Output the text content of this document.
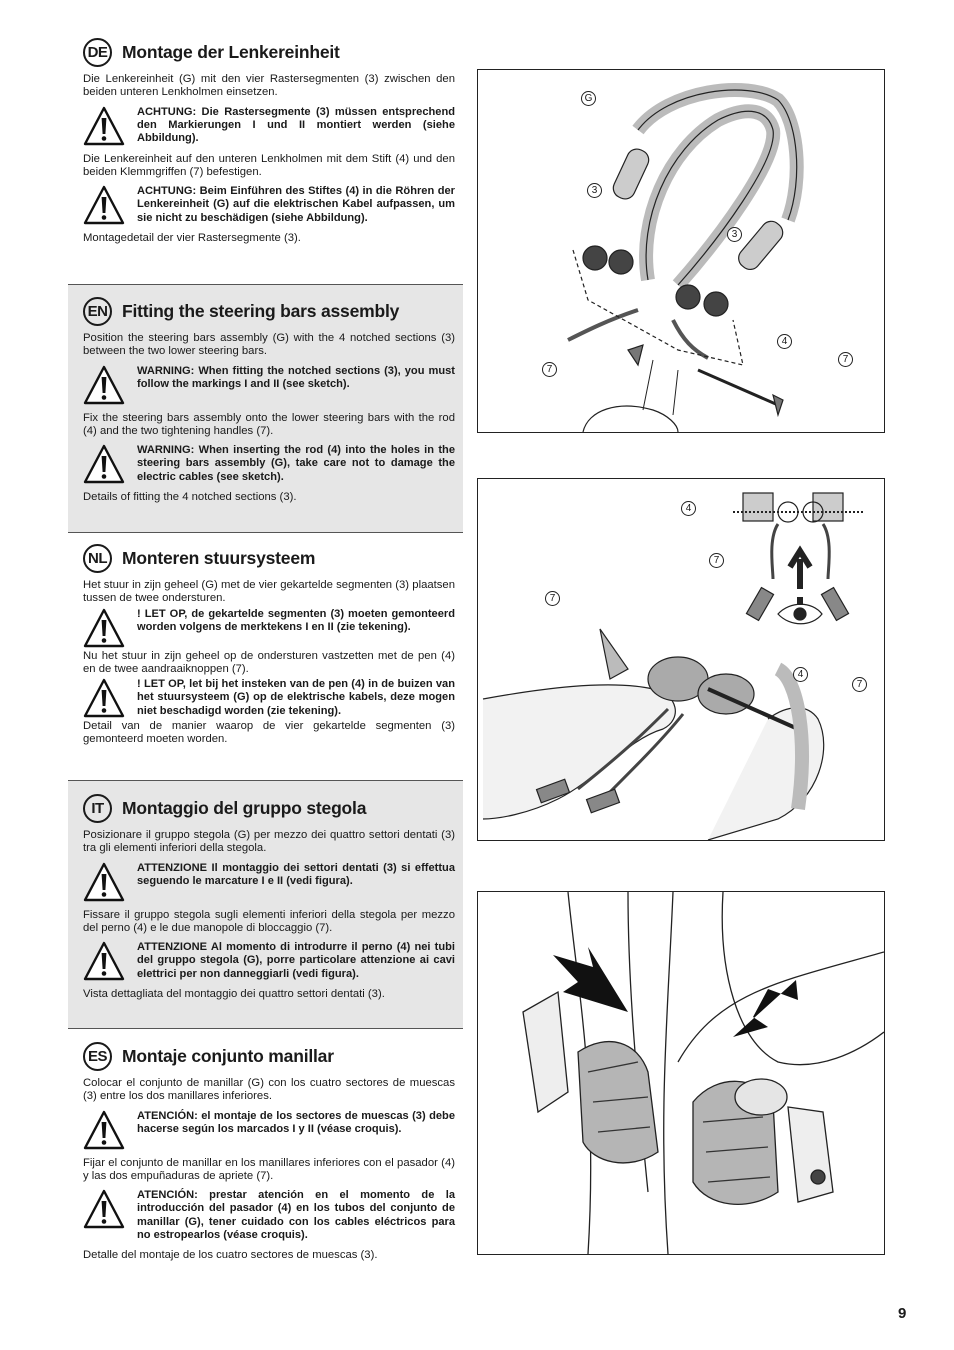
DE Montage der Lenkereinheit

Die Lenkereinheit (G) mit den vier Rastersegmenten (3) zwischen den beiden unteren Lenkholmen einsetzen.

ACHTUNG: Die Rastersegmente (3) müssen entsprechend den Markierungen I und II montiert werden (siehe Abbildung).

Die Lenkereinheit auf den unteren Lenkholmen mit dem Stift (4) und den beiden Klemmgriffen (7) befestigen.

ACHTUNG: Beim Einführen des Stiftes (4) in die Röhren der Lenkereinheit (G) auf die elektrischen Kabel aufpassen, um sie nicht zu beschädigen (siehe Abbildung).

Montagedetail der vier Rastersegmente (3).

EN Fitting the steering bars assembly

Position the steering bars assembly (G) with the 4 notched sections (3) between the two lower steering bars.

WARNING: When fitting the notched sections (3), you must follow the markings I and II (see sketch).

Fix the steering bars assembly onto the lower steering bars with the rod (4) and the two tightening handles (7).

WARNING: When inserting the rod (4) into the holes in the steering bars assembly (G), take care not to damage the electric cables (see sketch).

Details of fitting the 4 notched sections (3).

NL Monteren stuursysteem

Het stuur in zijn geheel (G) met de vier gekartelde segmenten (3) plaatsen tussen de twee ondersturen.

! LET OP, de gekartelde segmenten (3) moeten gemonteerd worden volgens de merktekens I en II (zie tekening).

Nu het stuur in zijn geheel op de ondersturen vastzetten met de pen (4) en de twee aandraaiknoppen (7).

! LET OP, let bij het insteken van de pen (4) in de buizen van het stuursysteem (G) op de elektrische kabels, deze mogen niet beschadigd worden (zie tekening).

Detail van de manier waarop de vier gekartelde segmenten (3) gemonteerd moeten worden.

IT	Montaggio del gruppo stegola

Posizionare il gruppo stegola (G) per mezzo dei quattro settori dentati (3) tra gli elementi inferiori della stegola.

ATTENZIONE Il montaggio dei settori dentati (3) si effettua seguendo le marcature I e II (vedi figura).

Fissare il gruppo stegola sugli elementi inferiori della stegola per mezzo del perno (4) e le due manopole di bloccaggio (7).

ATTENZIONE Al momento di introdurre il perno (4) nei tubi del gruppo stegola (G), porre particolare attenzione ai cavi elettrici per non danneggiarli (vedi figura).

Vista dettagliata del montaggio dei quattro settori dentati (3).

ES Montaje conjunto manillar

Colocar el conjunto de manillar (G) con los cuatro sectores de muescas (3) entre los dos manillares inferiores.

ATENCIÓN: el montaje de los sectores de muescas (3) debe hacerse según los marcados I y II (véase croquis).

Fijar el conjunto de manillar en los manillares inferiores con el pasador (4) y las dos empuñaduras de apriete (7).

ATENCIÓN: prestar atención en el momento de la introducción del pasador (4) en los tubos del conjunto de manillar (G), tener cuidado con los cables eléctricos para no estropearlos (véase croquis).

Detalle del montaje de los cuatro sectores de muescas (3).

G
3
3
4
7
7
4
7
7
4
7
9
